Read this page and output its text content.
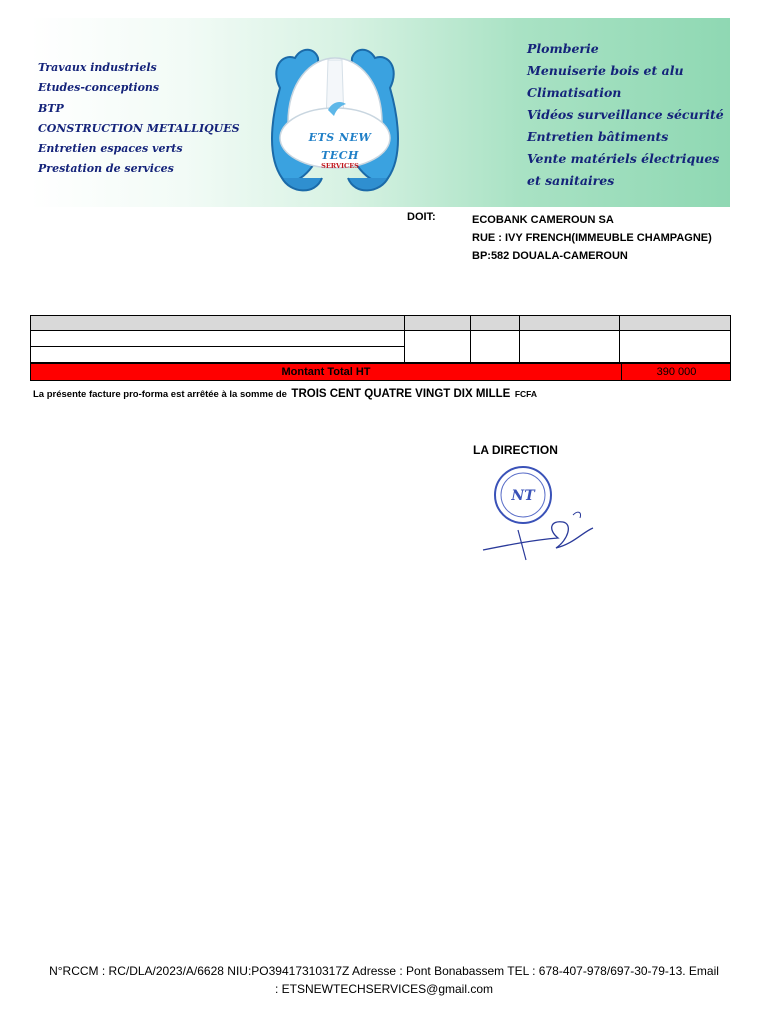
Travaux industriels
Etudes-conceptions
BTP
CONSTRUCTION METALLIQUES
Entretien espaces verts
Prestation de services
ETS NEW TECH
SERVICES
Plomberie
Menuiserie bois et alu
Climatisation
Vidéos surveillance sécurité
Entretien bâtiments
Vente matériels électriques et sanitaires
DOIT:	ECOBANK CAMEROUN SA
RUE : IVY FRENCH(IMMEUBLE CHAMPAGNE)
BP:582 DOUALA-CAMEROUN
Montant Total HT	390 000
La présente facture pro-forma est arrêtée à la somme de TROIS CENT QUATRE VINGT DIX MILLE FCFA
LA DIRECTION
NT
N°RCCM : RC/DLA/2023/A/6628 NIU:PO39417310317Z Adresse : Pont Bonabassem TEL : 678-407-978/697-30-79-13. Email
: ETSNEWTECHSERVICES@gmail.com
